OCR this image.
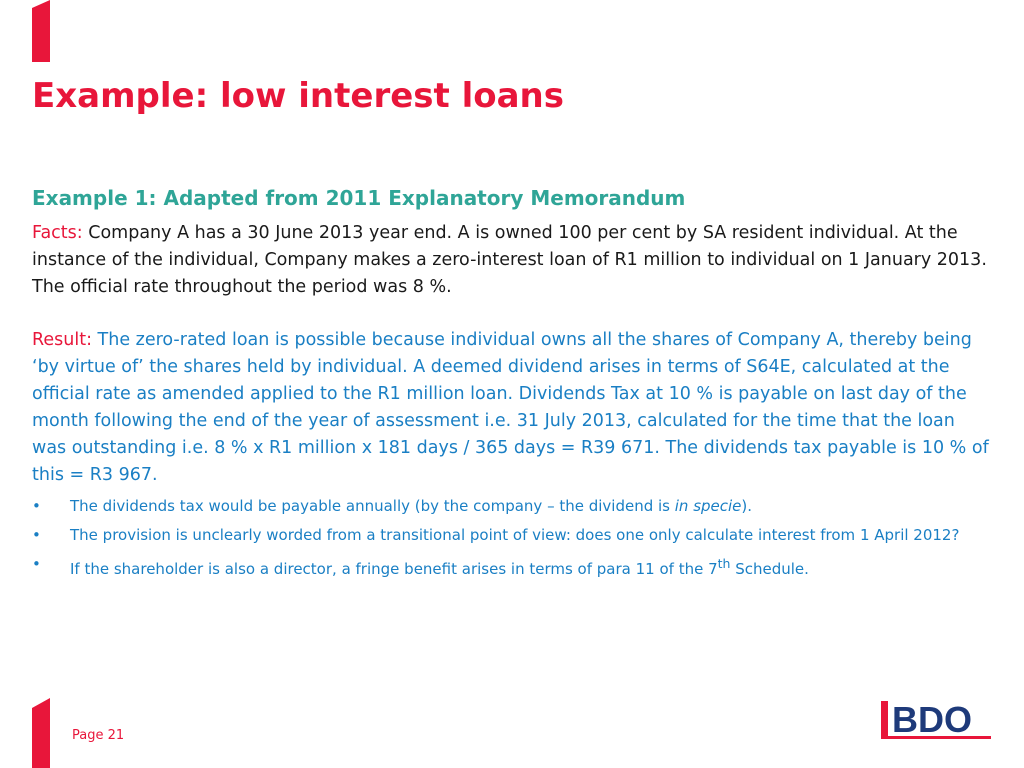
Example: low interest loans
Example 1: Adapted from 2011 Explanatory Memorandum

Facts: Company A has a 30 June 2013 year end. A is owned 100 per cent by SA resident individual. At the instance of the individual, Company makes a zero-interest loan of R1 million to individual on 1 January 2013. The official rate throughout the period was 8 %.

Result: The zero-rated loan is possible because individual owns all the shares of Company A, thereby being ‘by virtue of’ the shares held by individual. A deemed dividend arises in terms of S64E, calculated at the official rate as amended applied to the R1 million loan. Dividends Tax at 10 % is payable on last day of the month following the end of the year of assessment i.e. 31 July 2013, calculated for the time that the loan was outstanding i.e. 8 % x R1 million x 181 days / 365 days = R39 671. The dividends tax payable is 10 % of this = R3 967.

• The dividends tax would be payable annually (by the company – the dividend is in specie).
• The provision is unclearly worded from a transitional point of view: does one only calculate interest from 1 April 2012?
• If the shareholder is also a director, a fringe benefit arises in terms of para 11 of the 7th Schedule.
Page 21	BDO
